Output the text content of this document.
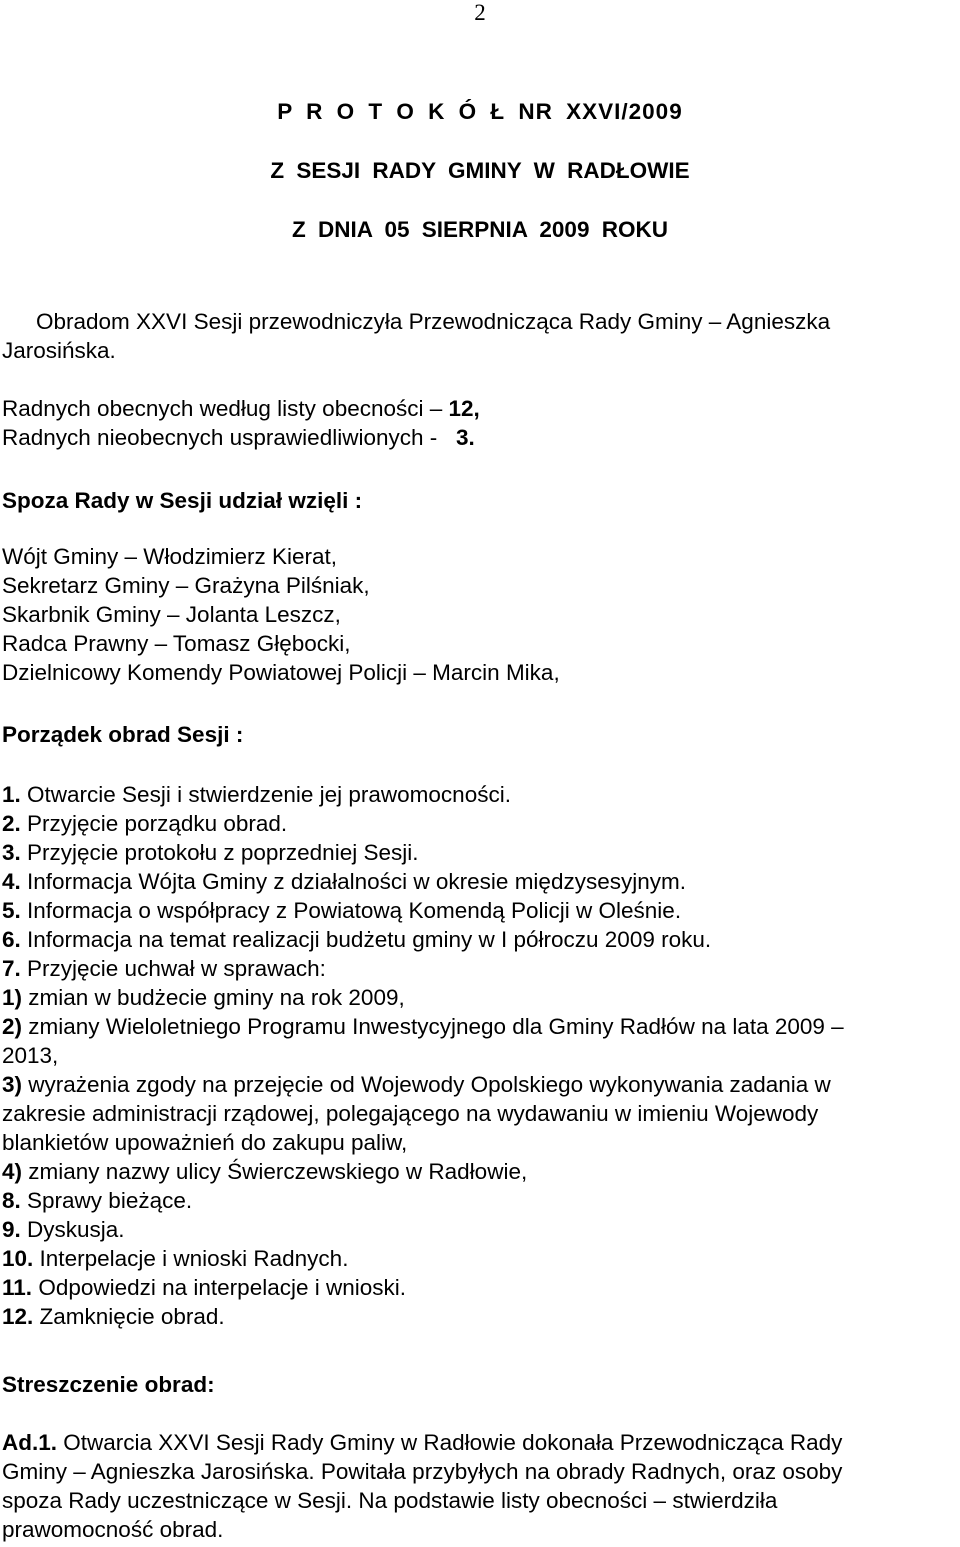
2
P R O T O K Ó Ł NR XXVI/2009
Z SESJI RADY GMINY W RADŁOWIE
Z DNIA 05 SIERPNIA 2009 ROKU
Obradom XXVI Sesji przewodniczyła Przewodnicząca Rady Gminy – Agnieszka
Jarosińska.
Radnych obecnych według listy obecności – 12,
Radnych nieobecnych usprawiedliwionych - 3.
Spoza Rady w Sesji udział wzięli :
Wójt Gminy – Włodzimierz Kierat,
Sekretarz Gminy – Grażyna Pilśniak,
Skarbnik Gminy – Jolanta Leszcz,
Radca Prawny – Tomasz Głębocki,
Dzielnicowy Komendy Powiatowej Policji – Marcin Mika,
Porządek obrad Sesji :
1. Otwarcie Sesji i stwierdzenie jej prawomocności.
2. Przyjęcie porządku obrad.
3. Przyjęcie protokołu z poprzedniej Sesji.
4. Informacja Wójta Gminy z działalności w okresie międzysesyjnym.
5. Informacja o współpracy z Powiatową Komendą Policji w Oleśnie.
6. Informacja na temat realizacji budżetu gminy w I półroczu 2009 roku.
7. Przyjęcie uchwał w sprawach:
1) zmian w budżecie gminy na rok 2009,
2) zmiany Wieloletniego Programu Inwestycyjnego dla Gminy Radłów na lata 2009 –
2013,
3) wyrażenia zgody na przejęcie od Wojewody Opolskiego wykonywania zadania w
zakresie administracji rządowej, polegającego na wydawaniu w imieniu Wojewody
blankietów upoważnień do zakupu paliw,
4) zmiany nazwy ulicy Świerczewskiego w Radłowie,
8. Sprawy bieżące.
9. Dyskusja.
10. Interpelacje i wnioski Radnych.
11. Odpowiedzi na interpelacje i wnioski.
12. Zamknięcie obrad.
Streszczenie obrad:
Ad.1. Otwarcia XXVI Sesji Rady Gminy w Radłowie dokonała Przewodnicząca Rady
Gminy – Agnieszka Jarosińska. Powitała przybyłych na obrady Radnych, oraz osoby
spoza Rady uczestniczące w Sesji. Na podstawie listy obecności – stwierdziła
prawomocność obrad.
